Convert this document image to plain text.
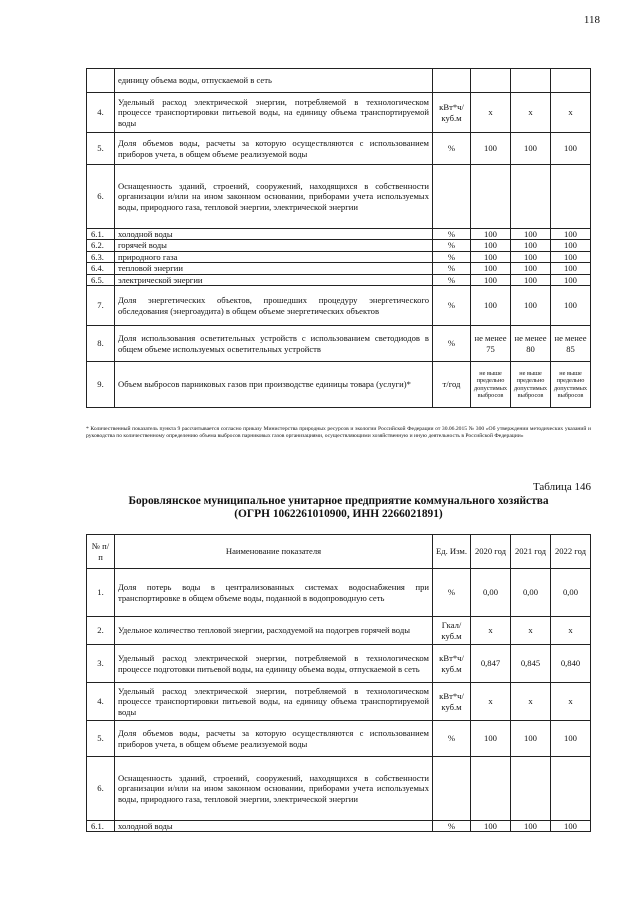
118
	единицу объема воды, отпускаемой в сеть				
4.	Удельный расход электрической энергии, потребляемой в технологическом процессе транспортировки питьевой воды, на единицу объема транспортируемой воды	кВт*ч/куб.м	x	x	x
5.	Доля объемов воды, расчеты за которую осуществляются с использованием приборов учета, в общем объеме реализуемой воды	%	100	100	100
6.	Оснащенность зданий, строений, сооружений, находящихся в собственности организации и/или на ином законном основании, приборами учета используемых воды, природного газа, тепловой энергии, электрической энергии				
6.1.	холодной воды	%	100	100	100
6.2.	горячей воды	%	100	100	100
6.3.	природного газа	%	100	100	100
6.4.	тепловой энергии	%	100	100	100
6.5.	электрической энергии	%	100	100	100
7.	Доля энергетических объектов, прошедших процедуру энергетического обследования (энергоаудита) в общем объеме энергетических объектов	%	100	100	100
8.	Доля использования осветительных устройств с использованием светодиодов в общем объеме используемых осветительных устройств	%	не менее 75	не менее 80	не менее 85
9.	Объем выбросов парниковых газов при производстве единицы товара (услуги)*	т/год	не выше предельно допустимых выбросов	не выше предельно допустимых выбросов	не выше предельно допустимых выбросов
* Количественный показатель пункта 9 рассчитывается согласно приказу Министерства природных ресурсов и экологии Российской Федерации от 30.06.2015 № 300 «Об утверждении методических указаний и руководства по количественному определению объема выбросов парниковых газов организациями, осуществляющими хозяйственную и иную деятельность в Российской Федерации»
Таблица 146
Боровлянское муниципальное унитарное предприятие коммунального хозяйства
(ОГРН 1062261010900, ИНН 2266021891)
№ п/п	Наименование показателя	Ед. Изм.	2020 год	2021 год	2022 год
1.	Доля потерь воды в централизованных системах водоснабжения при транспортировке в общем объеме воды, поданной в водопроводную сеть	%	0,00	0,00	0,00
2.	Удельное количество тепловой энергии, расходуемой на подогрев горячей воды	Гкал/куб.м	x	x	x
3.	Удельный расход электрической энергии, потребляемой в технологическом процессе подготовки питьевой воды, на единицу объема воды, отпускаемой в сеть	кВт*ч/куб.м	0,847	0,845	0,840
4.	Удельный расход электрической энергии, потребляемой в технологическом процессе транспортировки питьевой воды, на единицу объема транспортируемой воды	кВт*ч/куб.м	x	x	x
5.	Доля объемов воды, расчеты за которую осуществляются с использованием приборов учета, в общем объеме реализуемой воды	%	100	100	100
6.	Оснащенность зданий, строений, сооружений, находящихся в собственности организации и/или на ином законном основании, приборами учета используемых воды, природного газа, тепловой энергии, электрической энергии				
6.1.	холодной воды	%	100	100	100
